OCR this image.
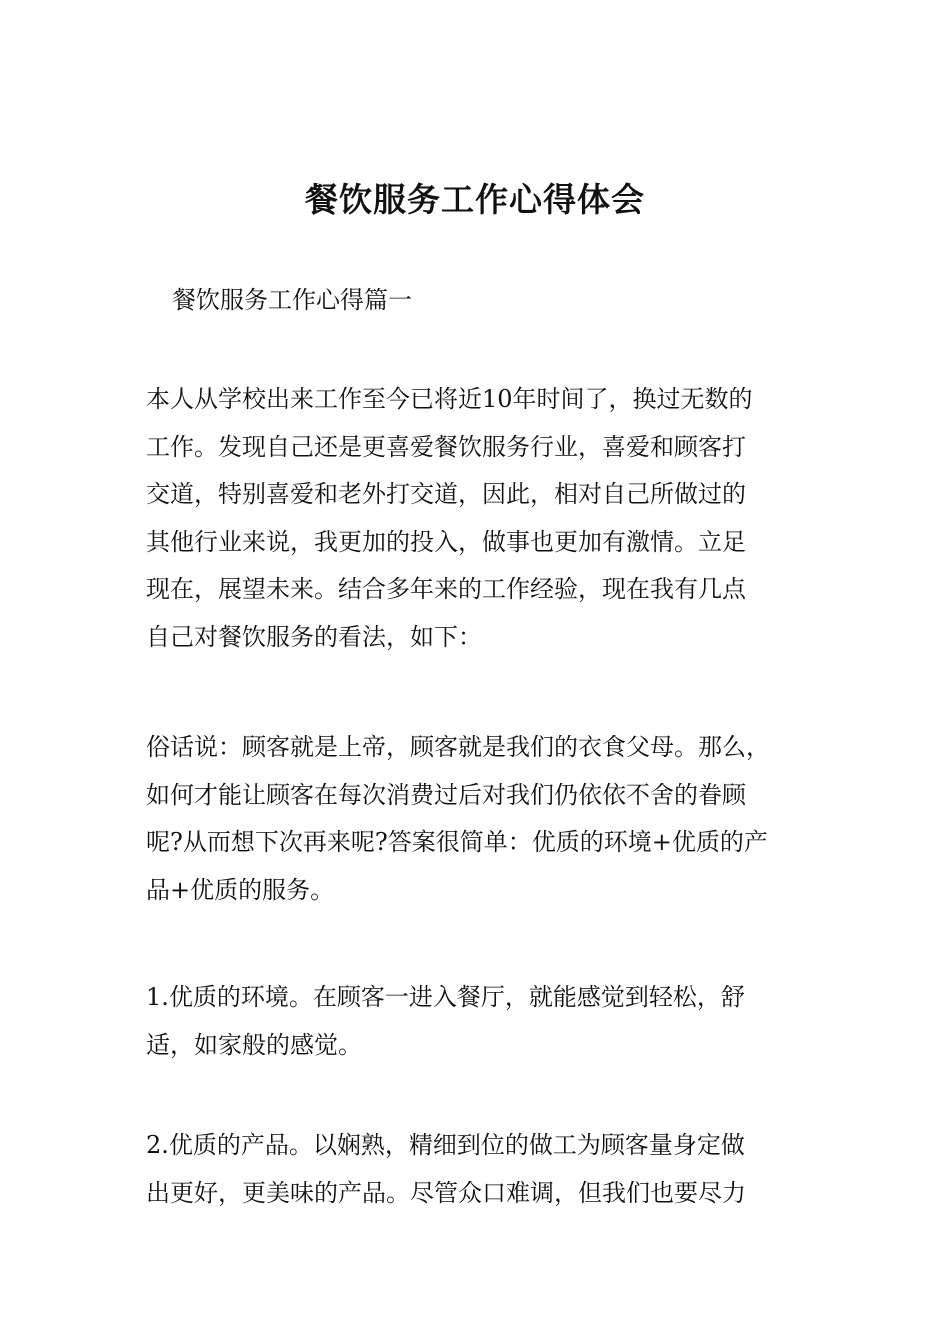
餐饮服务工作心得体会

餐饮服务工作心得篇一

本人从学校出来工作至今已将近10年时间了，换过无数的
工作。发现自己还是更喜爱餐饮服务行业，喜爱和顾客打
交道，特别喜爱和老外打交道，因此，相对自己所做过的
其他行业来说，我更加的投入，做事也更加有激情。立足
现在，展望未来。结合多年来的工作经验，现在我有几点
自己对餐饮服务的看法，如下：

俗话说：顾客就是上帝，顾客就是我们的衣食父母。那么，
如何才能让顾客在每次消费过后对我们仍依依不舍的眷顾
呢?从而想下次再来呢?答案很简单：优质的环境+优质的产
品+优质的服务。

1.优质的环境。在顾客一进入餐厅，就能感觉到轻松，舒
适，如家般的感觉。

2.优质的产品。以娴熟，精细到位的做工为顾客量身定做
出更好，更美味的产品。尽管众口难调，但我们也要尽力
